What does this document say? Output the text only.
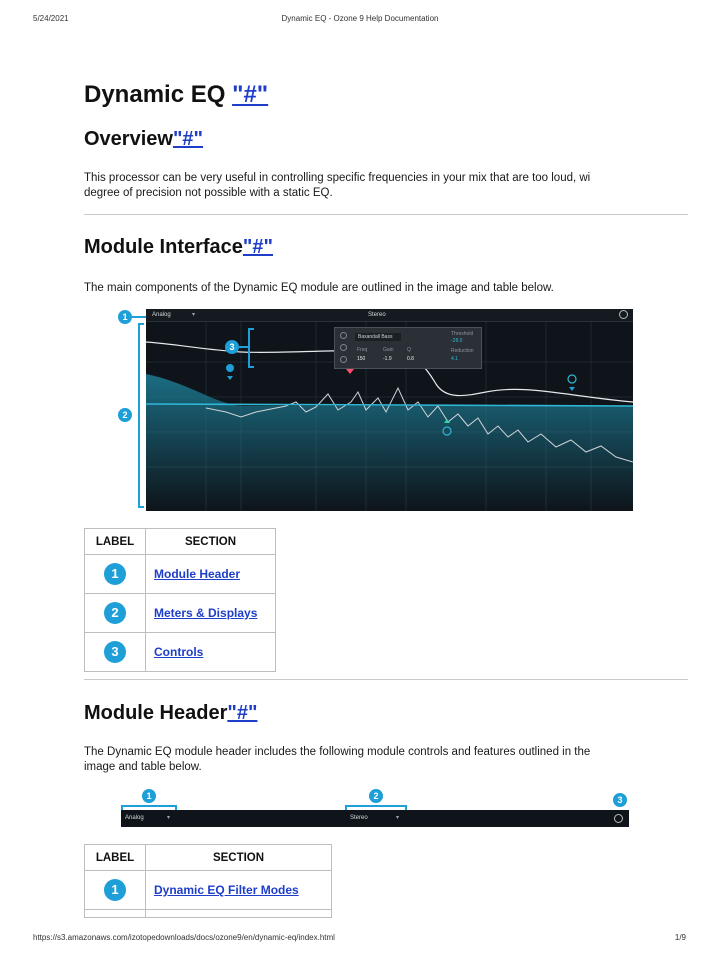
5/24/2021	Dynamic EQ - Ozone 9 Help Documentation
https://s3.amazonaws.com/izotopedownloads/docs/ozone9/en/dynamic-eq/index.html	1/9
Dynamic EQ "#"
Overview"#"
This processor can be very useful in controlling specific frequencies in your mix that are too loud, wi
degree of precision not possible with a static EQ.
Module Interface"#"
The main components of the Dynamic EQ module are outlined in the image and table below.
Analog	▾	Stereo
Baxandall Bass
Freq
150
Gain
-1.9
Q
0.8
Threshold
-28.0
Reduction
4.1
1
2
3
LABEL	SECTION
1	Module Header
2	Meters & Displays
3	Controls
Module Header"#"
The Dynamic EQ module header includes the following module controls and features outlined in the
image and table below.
1	2	3
Analog	▾	Stereo	▾
LABEL	SECTION
1	Dynamic EQ Filter Modes
